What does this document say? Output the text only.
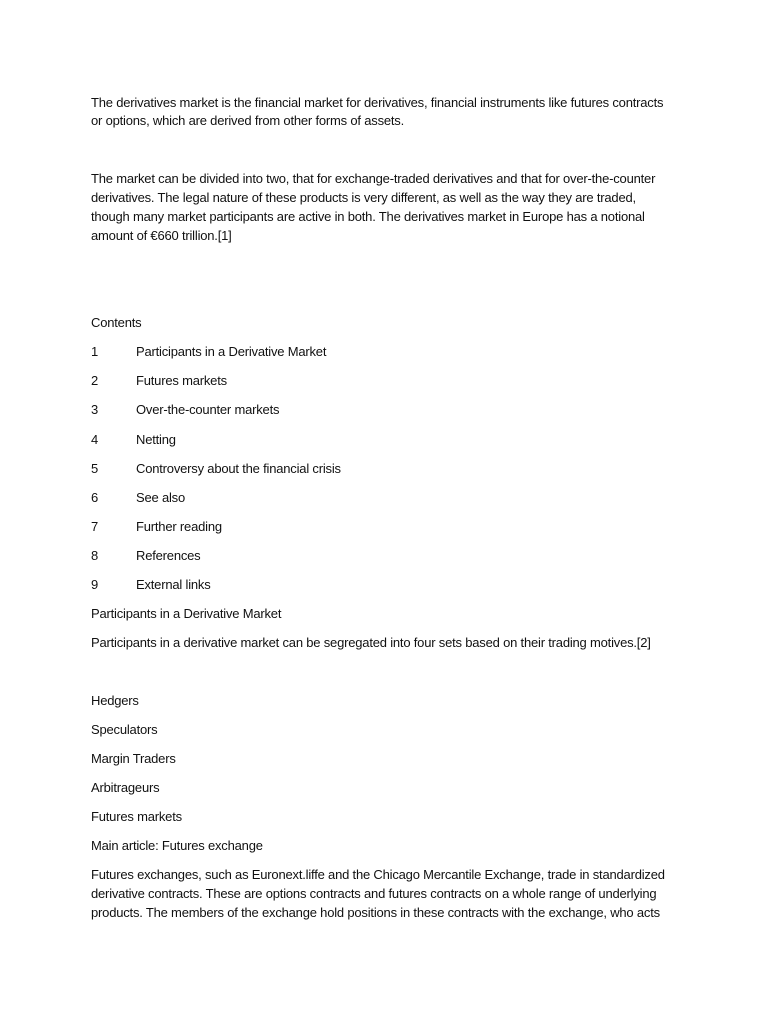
The derivatives market is the financial market for derivatives, financial instruments like futures contracts
or options, which are derived from other forms of assets.
The market can be divided into two, that for exchange-traded derivatives and that for over-the-counter
derivatives. The legal nature of these products is very different, as well as the way they are traded,
though many market participants are active in both. The derivatives market in Europe has a notional
amount of €660 trillion.[1]
Contents
1	Participants in a Derivative Market
2	Futures markets
3	Over-the-counter markets
4	Netting
5	Controversy about the financial crisis
6	See also
7	Further reading
8	References
9	External links
Participants in a Derivative Market
Participants in a derivative market can be segregated into four sets based on their trading motives.[2]
Hedgers
Speculators
Margin Traders
Arbitrageurs
Futures markets
Main article: Futures exchange
Futures exchanges, such as Euronext.liffe and the Chicago Mercantile Exchange, trade in standardized
derivative contracts. These are options contracts and futures contracts on a whole range of underlying
products. The members of the exchange hold positions in these contracts with the exchange, who acts
